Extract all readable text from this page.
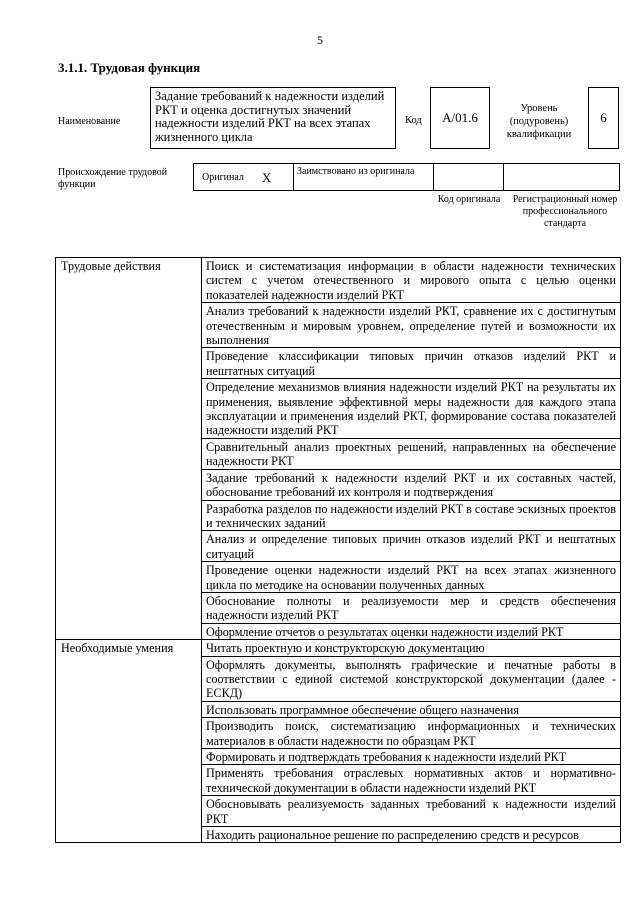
5
3.1.1. Трудовая функция
Наименование
Задание требований к надежности изделий РКТ и оценка достигнутых значений надежности изделий РКТ на всех этапах жизненного цикла
Код	A/01.6
Уровень (подуровень) квалификации
6
Происхождение трудовой функции
Оригинал X	Заимствовано из оригинала
Код оригинала	Регистрационный номер профессионального стандарта
Трудовые действия	Поиск и систематизация информации в области надежности технических систем с учетом отечественного и мирового опыта с целью оценки показателей надежности изделий РКТ
	Анализ требований к надежности изделий РКТ, сравнение их с достигнутым отечественным и мировым уровнем, определение путей и возможности их выполнения
	Проведение классификации типовых причин отказов изделий РКТ и нештатных ситуаций
	Определение механизмов влияния надежности изделий РКТ на результаты их применения, выявление эффективной меры надежности для каждого этапа эксплуатации и применения изделий РКТ, формирование состава показателей надежности изделий РКТ
	Сравнительный анализ проектных решений, направленных на обеспечение надежности РКТ
	Задание требований к надежности изделий РКТ и их составных частей, обоснование требований их контроля и подтверждения
	Разработка разделов по надежности изделий РКТ в составе эскизных проектов и технических заданий
	Анализ и определение типовых причин отказов изделий РКТ и нештатных ситуаций
	Проведение оценки надежности изделий РКТ на всех этапах жизненного цикла по методике на основании полученных данных
	Обоснование полноты и реализуемости мер и средств обеспечения надежности изделий РКТ
	Оформление отчетов о результатах оценки надежности изделий РКТ
Необходимые умения	Читать проектную и конструкторскую документацию
	Оформлять документы, выполнять графические и печатные работы в соответствии с единой системой конструкторской документации (далее - ЕСКД)
	Использовать программное обеспечение общего назначения
	Производить поиск, систематизацию информационных и технических материалов в области надежности по образцам РКТ
	Формировать и подтверждать требования к надежности изделий РКТ
	Применять требования отраслевых нормативных актов и нормативно-технической документации в области надежности изделий РКТ
	Обосновывать реализуемость заданных требований к надежности изделий РКТ
	Находить рациональное решение по распределению средств и ресурсов
